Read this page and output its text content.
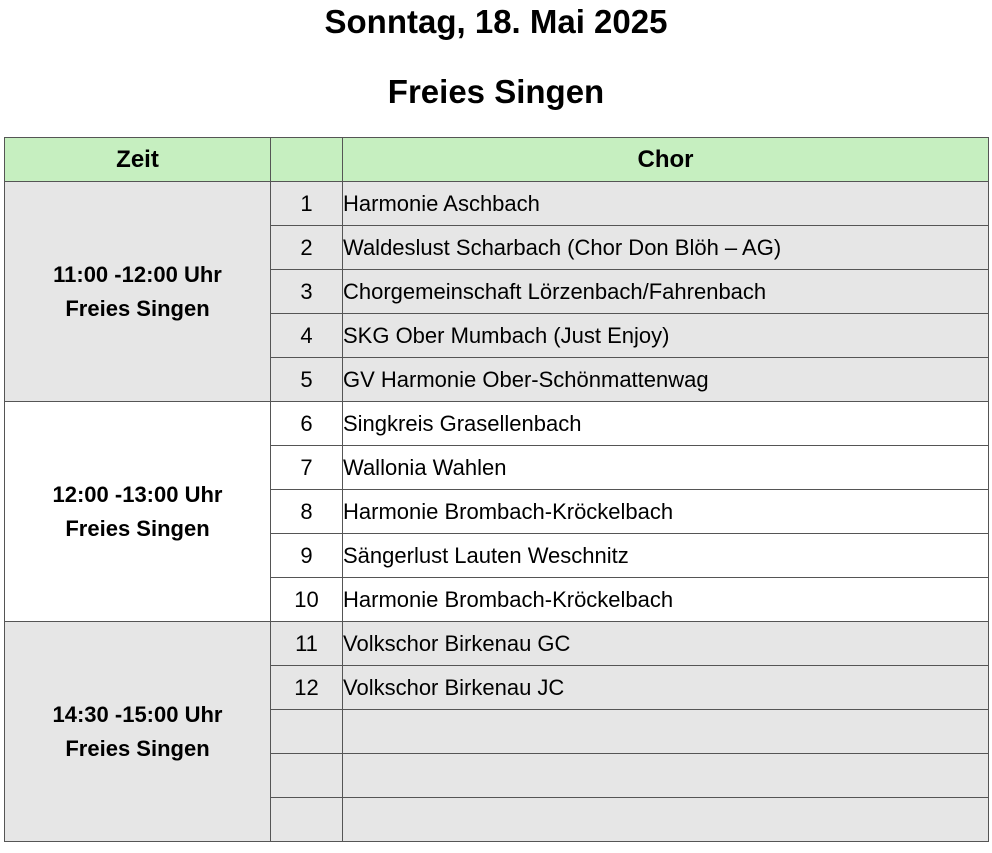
Sonntag, 18. Mai 2025
Freies Singen
Zeit		Chor

11:00 -12:00 Uhr
Freies Singen	1	Harmonie Aschbach
	2	Waldeslust Scharbach (Chor Don Blöh – AG)
	3	Chorgemeinschaft Lörzenbach/Fahrenbach
	4	SKG Ober Mumbach (Just Enjoy)
	5	GV Harmonie Ober-Schönmattenwag

12:00 -13:00 Uhr
Freies Singen	6	Singkreis Grasellenbach
	7	Wallonia Wahlen
	8	Harmonie Brombach-Kröckelbach
	9	Sängerlust Lauten Weschnitz
	10	Harmonie Brombach-Kröckelbach

14:30 -15:00 Uhr
Freies Singen	11	Volkschor Birkenau GC
	12	Volkschor Birkenau JC
